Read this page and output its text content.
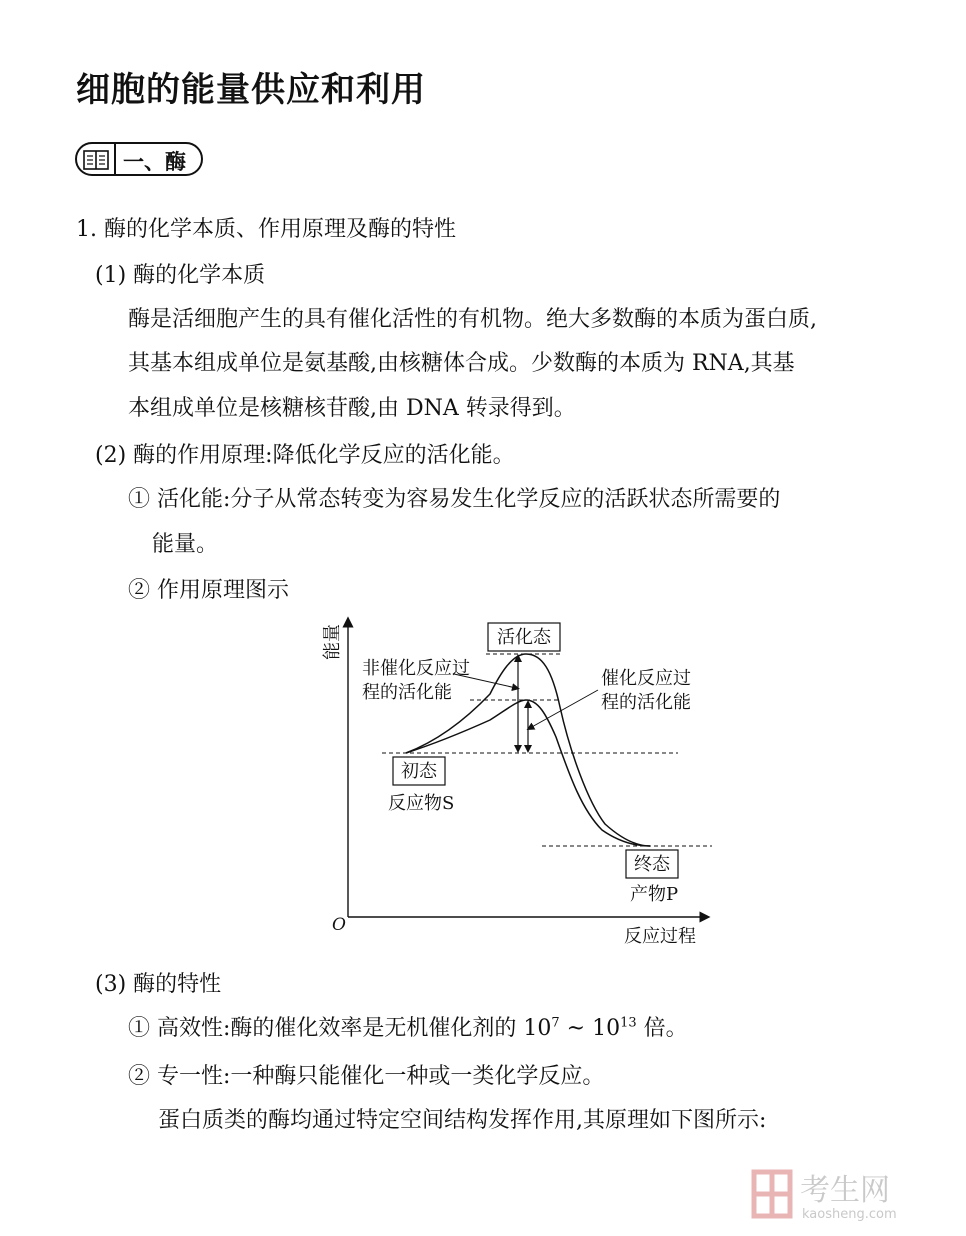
细胞的能量供应和利用
一、酶
1. 酶的化学本质、作用原理及酶的特性
(1) 酶的化学本质
酶是活细胞产生的具有催化活性的有机物。绝大多数酶的本质为蛋白质,
其基本组成单位是氨基酸,由核糖体合成。少数酶的本质为 RNA,其基
本组成单位是核糖核苷酸,由 DNA 转录得到。
(2) 酶的作用原理:降低化学反应的活化能。
① 活化能:分子从常态转变为容易发生化学反应的活跃状态所需要的
能量。
② 作用原理图示
能量
反应过程
O
活化态
初态
终态
反应物S
产物P
非催化反应过
程的活化能
催化反应过
程的活化能
(3) 酶的特性
① 高效性:酶的催化效率是无机催化剂的 $10^7$ ~ $10^{13}$ 倍。
② 专一性:一种酶只能催化一种或一类化学反应。
蛋白质类的酶均通过特定空间结构发挥作用,其原理如下图所示:
考生网
kaosheng.com
